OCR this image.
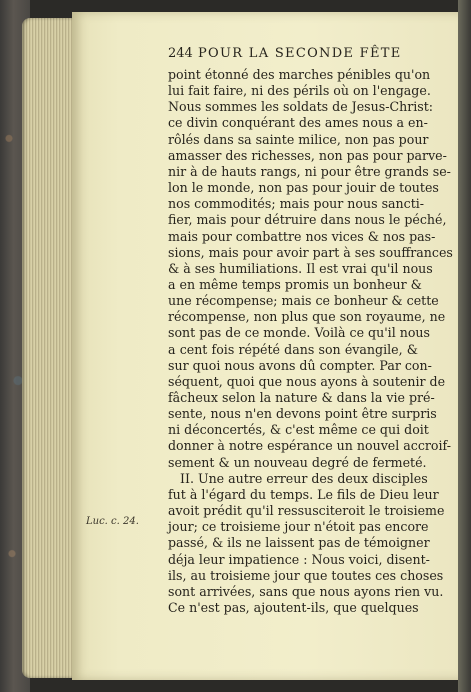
244 POUR LA SECONDE FÊTE
point étonné des marches pénibles qu'on
lui fait faire, ni des périls où on l'engage.
Nous sommes les soldats de Jesus-Christ:
ce divin conquérant des ames nous a en-
rôlés dans sa sainte milice, non pas pour
amasser des richesses, non pas pour parve-
nir à de hauts rangs, ni pour être grands se-
lon le monde, non pas pour jouir de toutes
nos commodités; mais pour nous sancti-
fier, mais pour détruire dans nous le péché,
mais pour combattre nos vices & nos pas-
sions, mais pour avoir part à ses souffrances
& à ses humiliations. Il est vrai qu'il nous
a en même temps promis un bonheur &
une récompense; mais ce bonheur & cette
récompense, non plus que son royaume, ne
sont pas de ce monde. Voilà ce qu'il nous
a cent fois répété dans son évangile, &
sur quoi nous avons dû compter. Par con-
séquent, quoi que nous ayons à soutenir de
fâcheux selon la nature & dans la vie pré-
sente, nous n'en devons point être surpris
ni déconcertés, & c'est même ce qui doit
donner à notre espérance un nouvel accroif-
sement & un nouveau degré de fermeté.
II. Une autre erreur des deux disciples
fut à l'égard du temps. Le fils de Dieu leur
avoit prédit qu'il ressusciteroit le troisieme
jour; ce troisieme jour n'étoit pas encore
passé, & ils ne laissent pas de témoigner
déja leur impatience : Nous voici, disent-
ils, au troisieme jour que toutes ces choses
sont arrivées, sans que nous ayons rien vu.
Ce n'est pas, ajoutent-ils, que quelques
Luc. c. 24.
